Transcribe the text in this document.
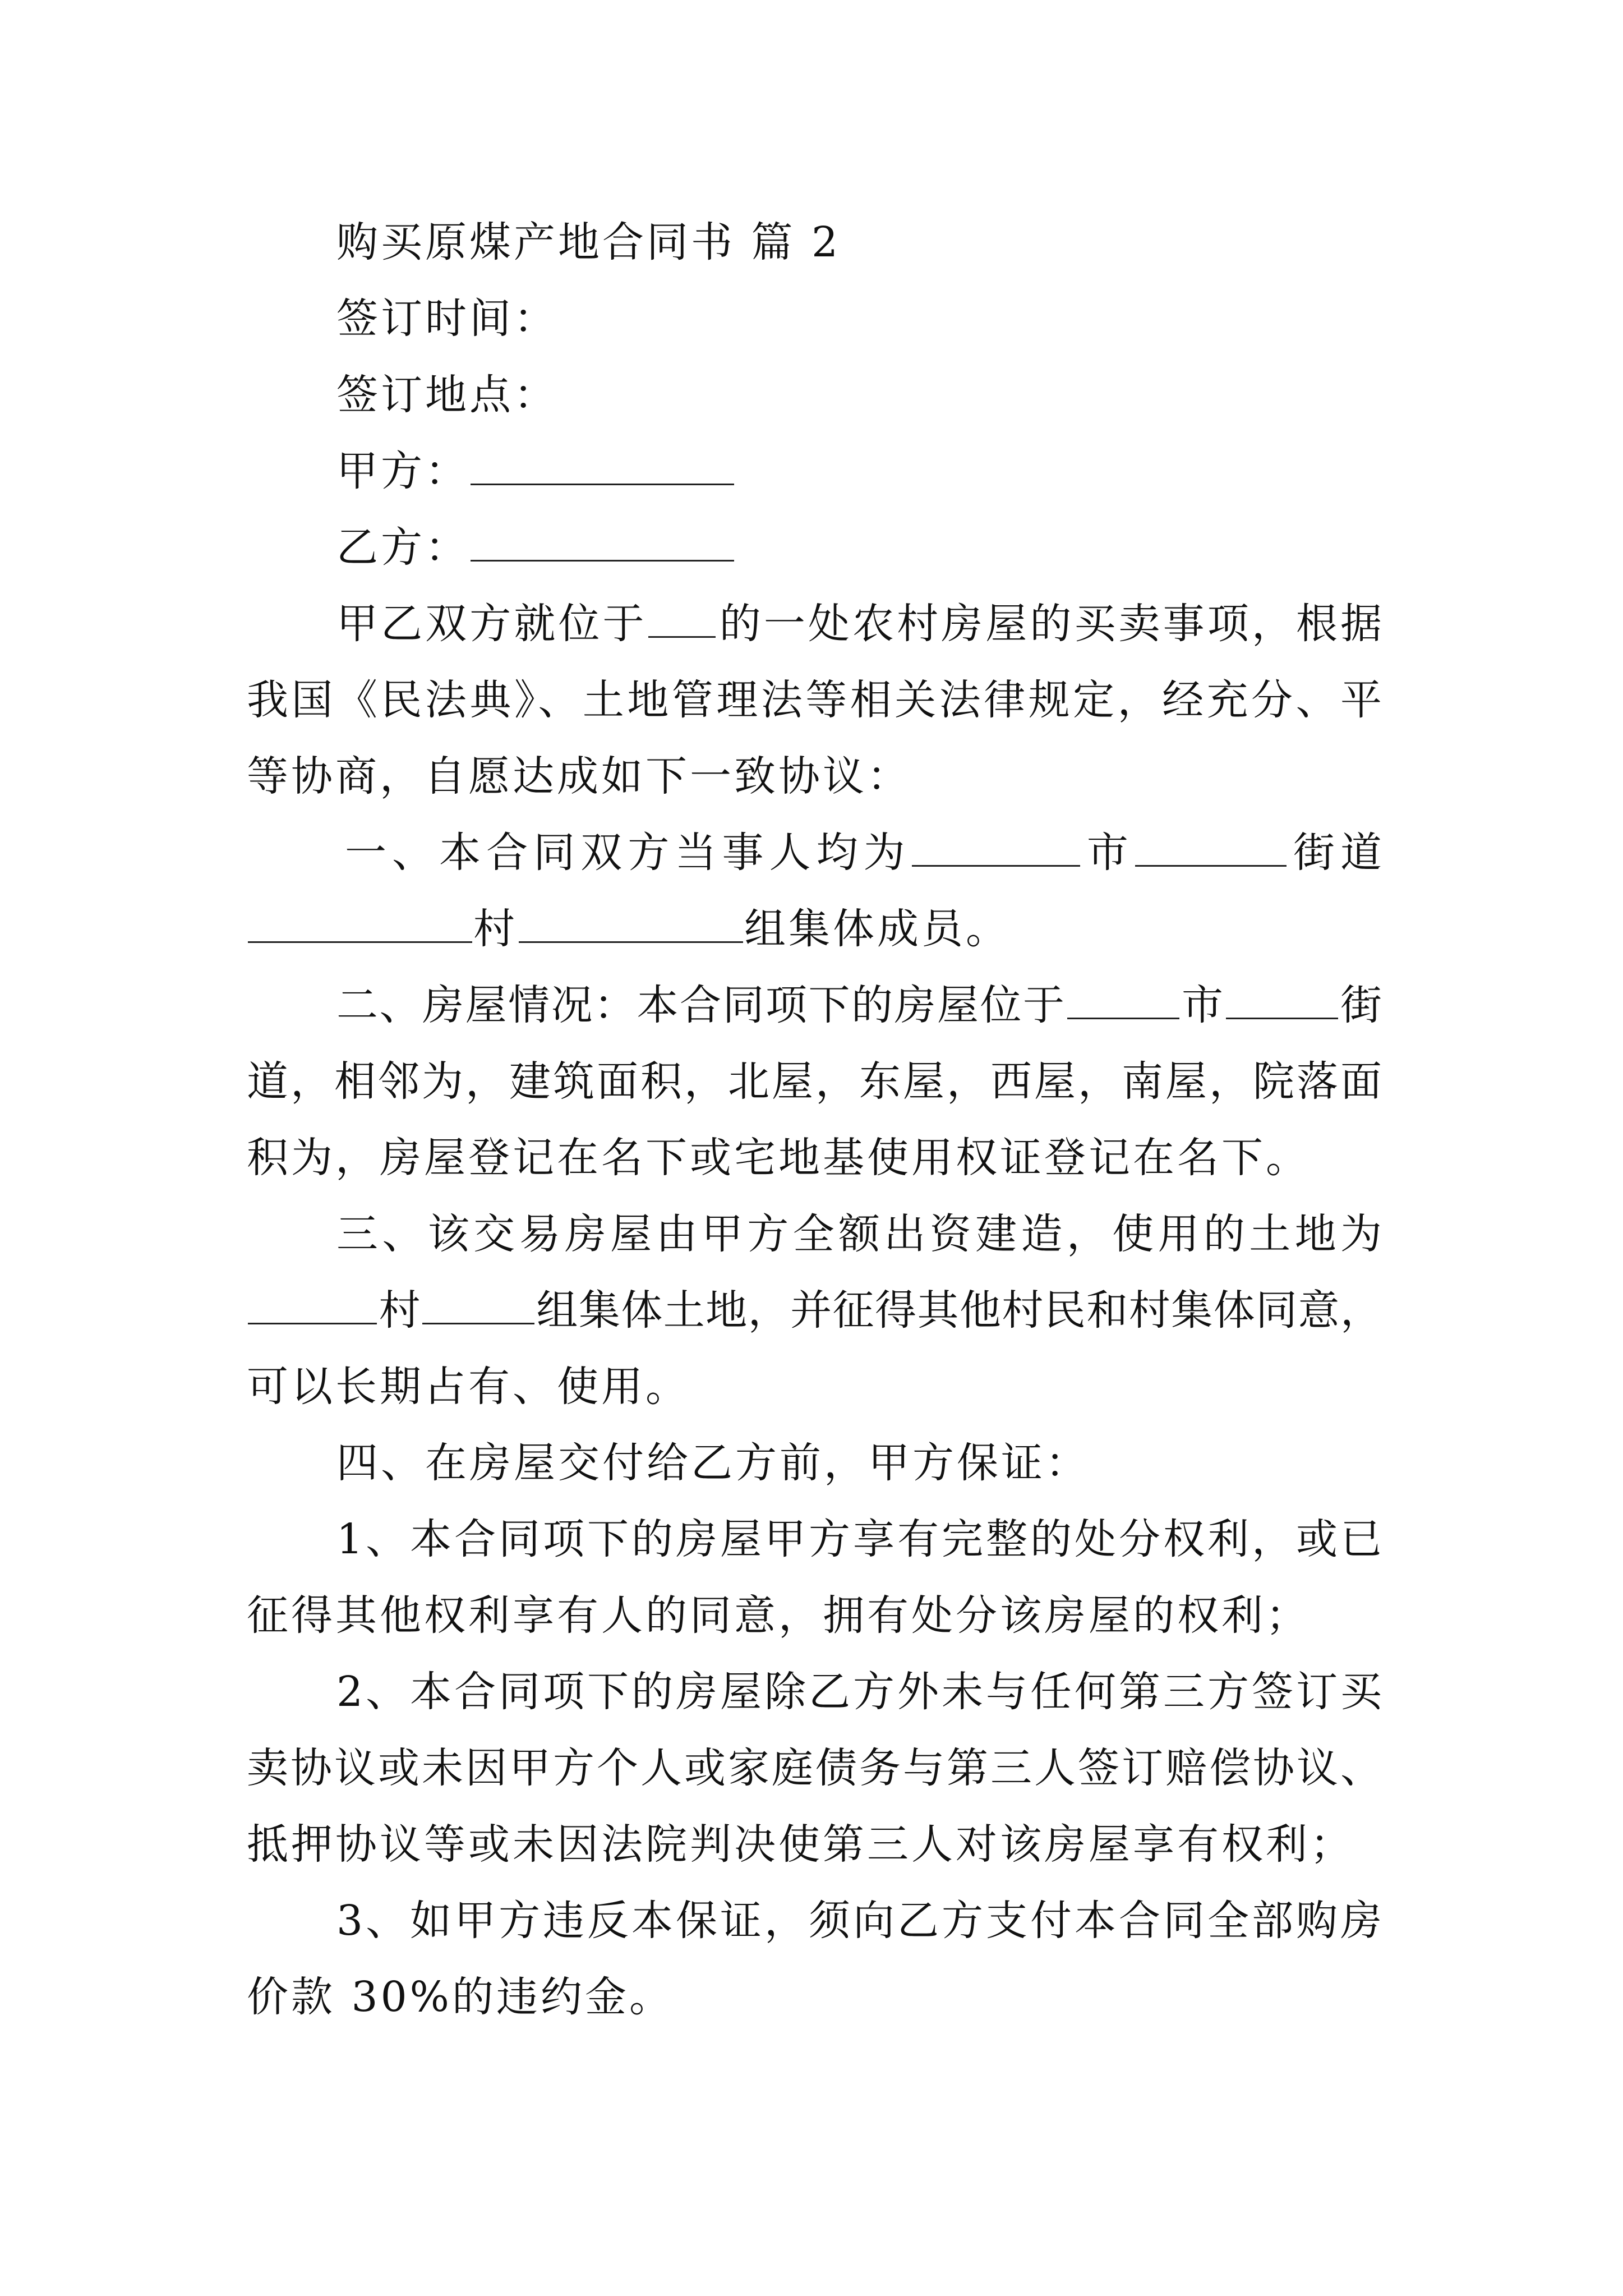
购买原煤产地合同书 篇 2
签订时间：
签订地点：
甲方：
乙方：
甲乙双方就位于 的一处农村房屋的买卖事项，根据
我国《民法典》、土地管理法等相关法律规定，经充分、平
等协商，自愿达成如下一致协议：
一、本合同双方当事人均为	市	街道
村	组集体成员。
二、房屋情况：本合同项下的房屋位于	市	街
道，相邻为，建筑面积，北屋，东屋，西屋，南屋，院落面
积为，房屋登记在名下或宅地基使用权证登记在名下。
三、该交易房屋由甲方全额出资建造，使用的土地为
村	组集体土地，并征得其他村民和村集体同意，
可以长期占有、使用。
四、在房屋交付给乙方前，甲方保证：
1、本合同项下的房屋甲方享有完整的处分权利，或已
征得其他权利享有人的同意，拥有处分该房屋的权利；
2、本合同项下的房屋除乙方外未与任何第三方签订买
卖协议或未因甲方个人或家庭债务与第三人签订赔偿协议、
抵押协议等或未因法院判决使第三人对该房屋享有权利；
3、如甲方违反本保证，须向乙方支付本合同全部购房
价款 30%的违约金。
